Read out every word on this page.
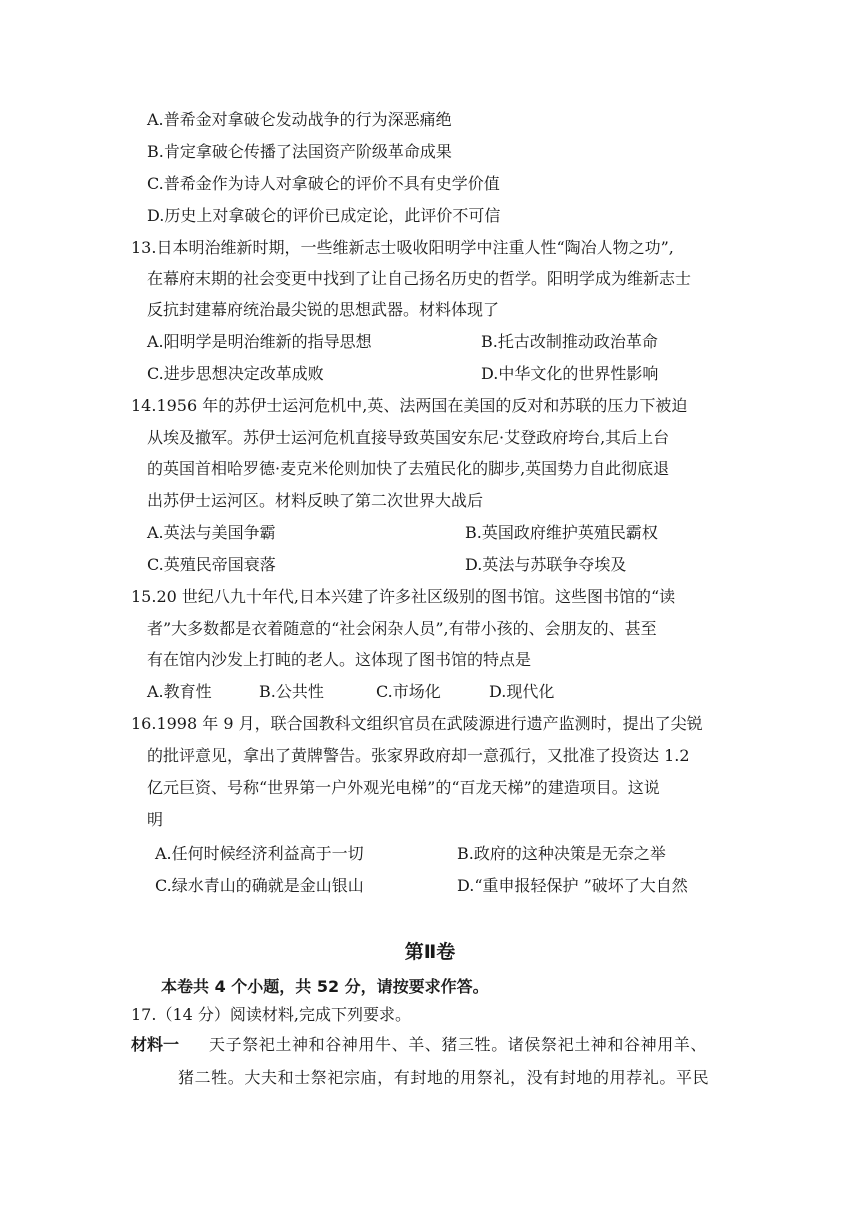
A.普希金对拿破仑发动战争的行为深恶痛绝
B.肯定拿破仑传播了法国资产阶级革命成果
C.普希金作为诗人对拿破仑的评价不具有史学价值
D.历史上对拿破仑的评价已成定论，此评价不可信
13.日本明治维新时期，一些维新志士吸收阳明学中注重人性“陶冶人物之功”,
在幕府末期的社会变更中找到了让自己扬名历史的哲学。阳明学成为维新志士
反抗封建幕府统治最尖锐的思想武器。材料体现了
A.阳明学是明治维新的指导思想	B.托古改制推动政治革命
C.进步思想决定改革成败	D.中华文化的世界性影响
14.1956 年的苏伊士运河危机中,英、法两国在美国的反对和苏联的压力下被迫
从埃及撤军。苏伊士运河危机直接导致英国安东尼·艾登政府垮台,其后上台
的英国首相哈罗德·麦克米伦则加快了去殖民化的脚步,英国势力自此彻底退
出苏伊士运河区。材料反映了第二次世界大战后
A.英法与美国争霸	B.英国政府维护英殖民霸权
C.英殖民帝国衰落	D.英法与苏联争夺埃及
15.20 世纪八九十年代,日本兴建了许多社区级别的图书馆。这些图书馆的“读
者”大多数都是衣着随意的“社会闲杂人员”,有带小孩的、会朋友的、甚至
有在馆内沙发上打盹的老人。这体现了图书馆的特点是
A.教育性	B.公共性	C.市场化	D.现代化
16.1998 年 9 月，联合国教科文组织官员在武陵源进行遗产监测时，提出了尖锐
的批评意见，拿出了黄牌警告。张家界政府却一意孤行，又批准了投资达 1.2
亿元巨资、号称“世界第一户外观光电梯”的“百龙天梯”的建造项目。这说
明
A.任何时候经济利益高于一切	B.政府的这种决策是无奈之举
C.绿水青山的确就是金山银山	D.“重申报轻保护 ”破坏了大自然
第Ⅱ卷
本卷共 4 个小题，共 52 分，请按要求作答。
17.（14 分）阅读材料,完成下列要求。
材料一 天子祭祀土神和谷神用牛、羊、猪三牲。诸侯祭祀土神和谷神用羊、
猪二牲。大夫和士祭祀宗庙，有封地的用祭礼，没有封地的用荐礼。平民
